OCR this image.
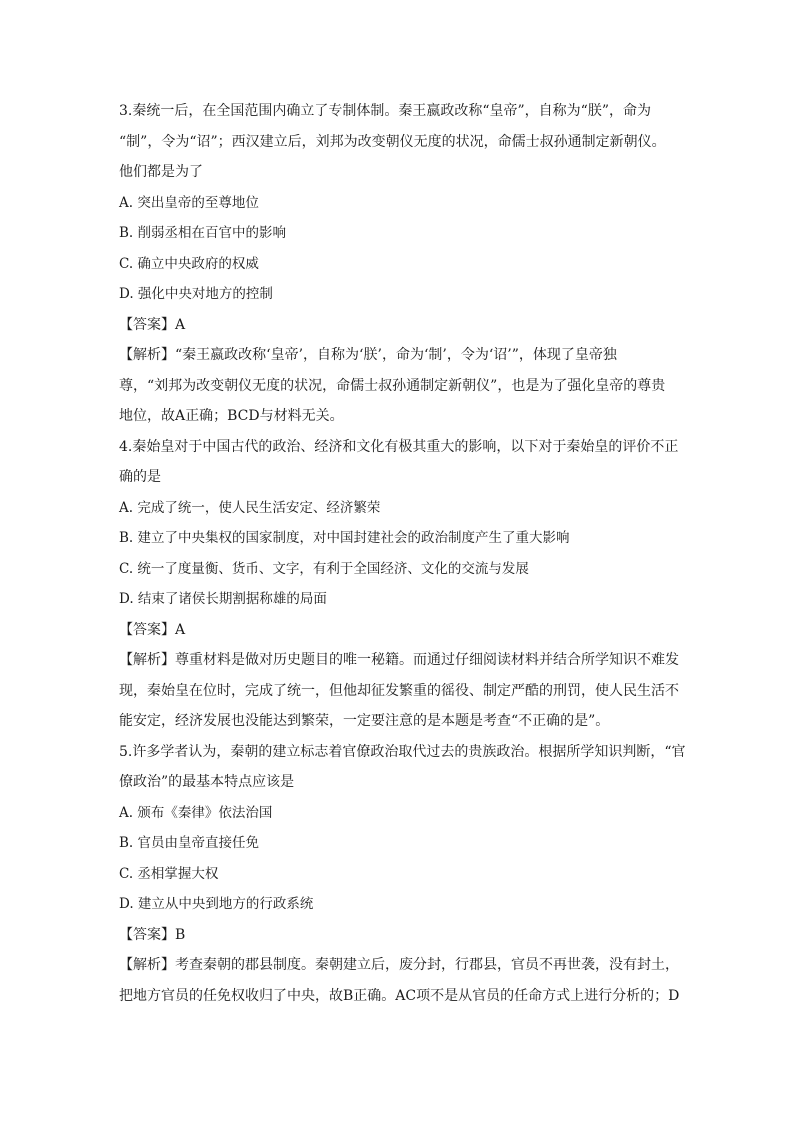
3.秦统一后，在全国范围内确立了专制体制。秦王嬴政改称“皇帝”，自称为“朕”，命为

“制”，令为“诏”；西汉建立后，刘邦为改变朝仪无度的状况，命儒士叔孙通制定新朝仪。

他们都是为了

A. 突出皇帝的至尊地位

B. 削弱丞相在百官中的影响

C. 确立中央政府的权威

D. 强化中央对地方的控制

【答案】A

【解析】“秦王嬴政改称‘皇帝’，自称为‘朕’，命为‘制’，令为‘诏’”，体现了皇帝独

尊，“刘邦为改变朝仪无度的状况，命儒士叔孙通制定新朝仪”，也是为了强化皇帝的尊贵

地位，故A正确；BCD与材料无关。

4.秦始皇对于中国古代的政治、经济和文化有极其重大的影响，以下对于秦始皇的评价不正

确的是

A. 完成了统一，使人民生活安定、经济繁荣

B. 建立了中央集权的国家制度，对中国封建社会的政治制度产生了重大影响

C. 统一了度量衡、货币、文字，有利于全国经济、文化的交流与发展

D. 结束了诸侯长期割据称雄的局面

【答案】A

【解析】尊重材料是做对历史题目的唯一秘籍。而通过仔细阅读材料并结合所学知识不难发

现，秦始皇在位时，完成了统一，但他却征发繁重的徭役、制定严酷的刑罚，使人民生活不

能安定，经济发展也没能达到繁荣，一定要注意的是本题是考查“不正确的是”。

5.许多学者认为，秦朝的建立标志着官僚政治取代过去的贵族政治。根据所学知识判断，“官

僚政治”的最基本特点应该是

A. 颁布《秦律》依法治国

B. 官员由皇帝直接任免

C. 丞相掌握大权

D. 建立从中央到地方的行政系统

【答案】B

【解析】考查秦朝的郡县制度。秦朝建立后，废分封，行郡县，官员不再世袭，没有封土，

把地方官员的任免权收归了中央，故B正确。AC项不是从官员的任命方式上进行分析的；D
